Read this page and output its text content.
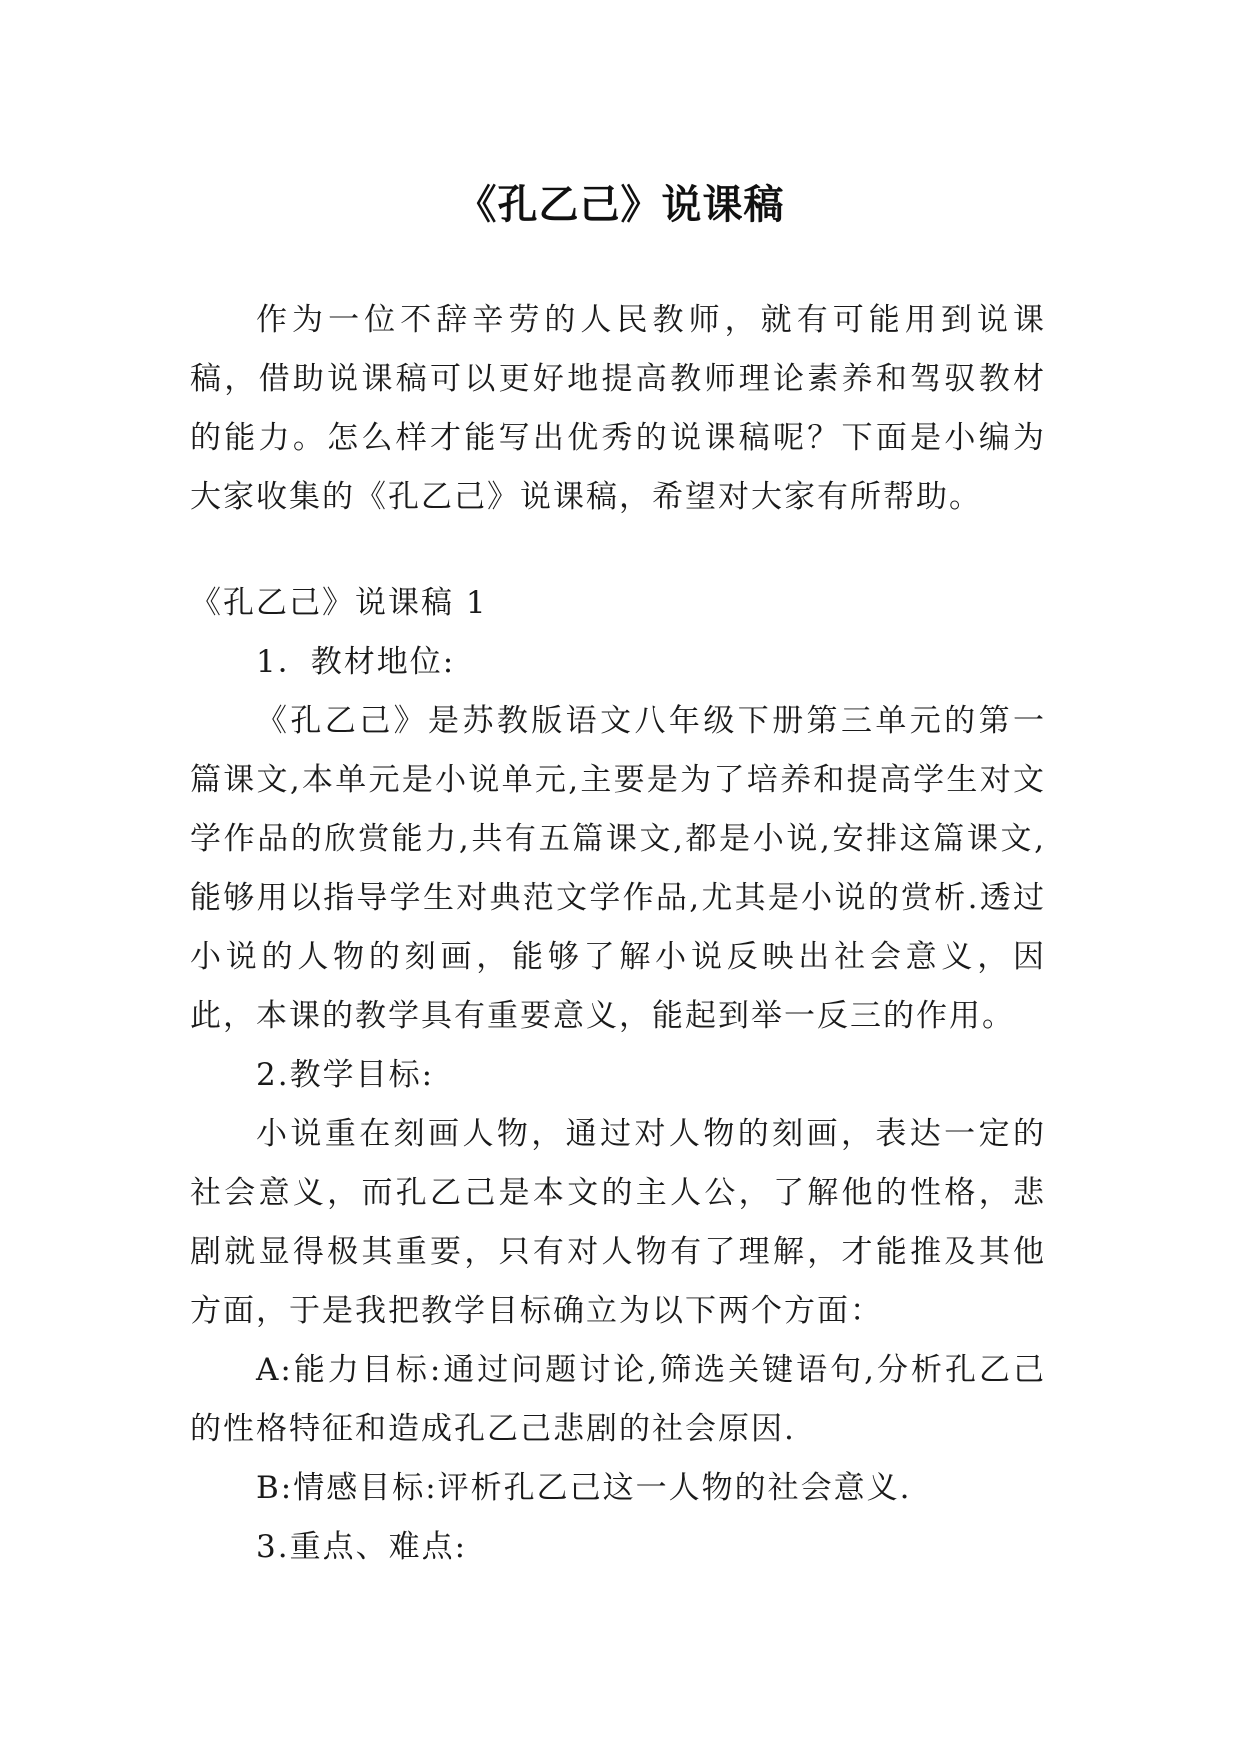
《孔乙己》说课稿

作为一位不辞辛劳的人民教师，就有可能用到说课稿，借助说课稿可以更好地提高教师理论素养和驾驭教材的能力。怎么样才能写出优秀的说课稿呢？下面是小编为大家收集的《孔乙己》说课稿，希望对大家有所帮助。

《孔乙己》说课稿 1

1．教材地位:

《孔乙己》是苏教版语文八年级下册第三单元的第一篇课文,本单元是小说单元,主要是为了培养和提高学生对文学作品的欣赏能力,共有五篇课文,都是小说,安排这篇课文,能够用以指导学生对典范文学作品,尤其是小说的赏析.透过小说的人物的刻画，能够了解小说反映出社会意义，因此，本课的教学具有重要意义，能起到举一反三的作用。

2.教学目标:

小说重在刻画人物，通过对人物的刻画，表达一定的社会意义，而孔乙己是本文的主人公，了解他的性格，悲剧就显得极其重要，只有对人物有了理解，才能推及其他方面，于是我把教学目标确立为以下两个方面：

A:能力目标:通过问题讨论,筛选关键语句,分析孔乙己的性格特征和造成孔乙己悲剧的社会原因.

B:情感目标:评析孔乙己这一人物的社会意义.

3.重点、难点:
